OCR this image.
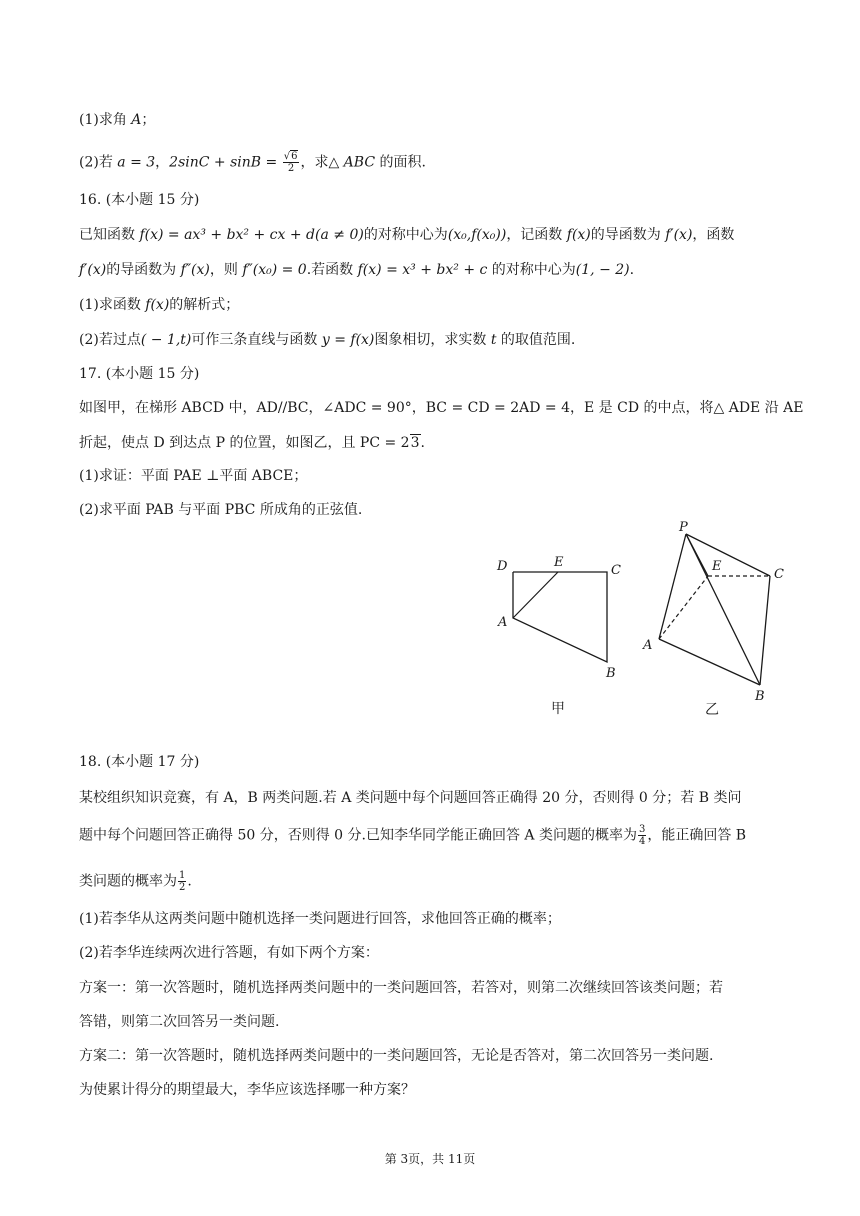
(1)求角 A；
(2)若 a = 3，$2\sin C + \sin B = \frac{√6}{2}$ ，求△ ABC 的面积.
16. (本小题 15 分)
已知函数 f(x) = ax³ + bx² + cx + d(a ≠ 0)的对称中心为(x₀,f(x₀))，记函数 f(x)的导函数为 f′(x)，函数
f′(x)的导函数为 f″(x)，则 f″(x₀) = 0.若函数 f(x) = x³ + bx² + c 的对称中心为(1, − 2).
(1)求函数 f(x)的解析式；
(2)若过点( − 1,t)可作三条直线与函数 y = f(x)图象相切，求实数 t 的取值范围.
17. (本小题 15 分)
如图甲，在梯形 ABCD 中，AD//BC，∠ADC = 90°，BC = CD = 2AD = 4，E 是 CD 的中点，将△ ADE 沿 AE
折起，使点 D 到达点 P 的位置，如图乙，且 PC = 23.
(1)求证：平面 PAE ⊥平面 ABCE；
(2)求平面 PAB 与平面 PBC 所成角的正弦值.
D	E
C
A
B
甲
P
E
C
A
B
乙
18. (本小题 17 分)
某校组织知识竞赛，有 A，B 两类问题.若 A 类问题中每个问题回答正确得 20 分，否则得 0 分；若 B 类问
题中每个问题回答正确得 50 分，否则得 0 分.已知李华同学能正确回答 A 类问题的概率为 $\frac{3}{4}$ ，能正确回答 B
类问题的概率为 $\frac{1}{2}$ .
(1)若李华从这两类问题中随机选择一类问题进行回答，求他回答正确的概率；
(2)若李华连续两次进行答题，有如下两个方案：
方案一：第一次答题时，随机选择两类问题中的一类问题回答，若答对，则第二次继续回答该类问题；若
答错，则第二次回答另一类问题.
方案二：第一次答题时，随机选择两类问题中的一类问题回答，无论是否答对，第二次回答另一类问题.
为使累计得分的期望最大，李华应该选择哪一种方案？
第 3页，共 11页
